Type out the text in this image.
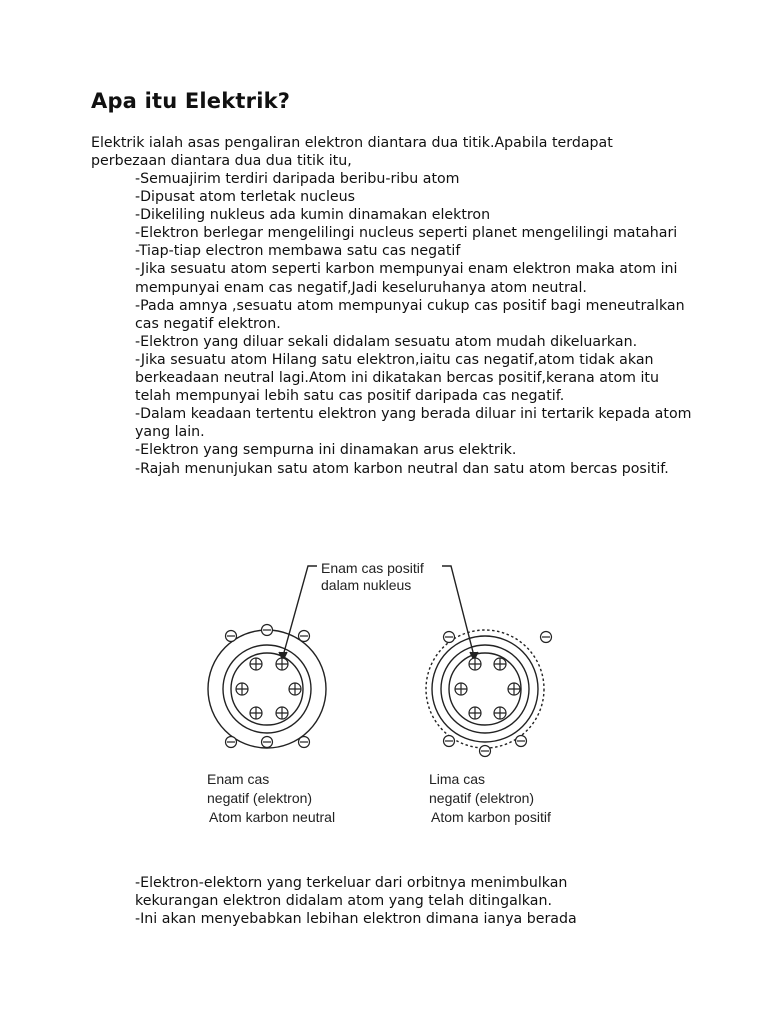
Apa itu Elektrik?

Elektrik ialah asas pengaliran elektron diantara dua titik.Apabila terdapat perbezaan diantara dua dua titik itu,

-Semuajirim terdiri daripada beribu-ribu atom
-Dipusat atom terletak nucleus
-Dikeliling nukleus ada kumin dinamakan elektron
-Elektron berlegar mengelilingi nucleus seperti planet mengelilingi matahari
-Tiap-tiap electron membawa satu cas negatif
-Jika sesuatu atom seperti karbon mempunyai enam elektron maka atom ini mempunyai enam cas negatif,Jadi keseluruhanya atom neutral.
-Pada amnya ,sesuatu atom mempunyai cukup cas positif bagi meneutralkan cas negatif elektron.
-Elektron yang diluar sekali didalam sesuatu atom mudah dikeluarkan.
-Jika sesuatu atom Hilang satu elektron,iaitu cas negatif,atom tidak akan berkeadaan neutral lagi.Atom ini dikatakan bercas positif,kerana atom itu telah mempunyai lebih satu cas positif daripada cas negatif.
-Dalam keadaan tertentu elektron yang berada diluar ini tertarik kepada atom yang lain.
-Elektron yang sempurna ini dinamakan arus elektrik.
-Rajah menunjukan satu atom karbon neutral dan satu atom bercas positif.
Enam cas positif
dalam nukleus
Enam cas
negatif (elektron)
Atom karbon neutral
Lima cas
negatif (elektron)
Atom karbon positif
-Elektron-elektorn yang terkeluar dari orbitnya menimbulkan kekurangan elektron didalam atom yang telah ditingalkan.
-Ini akan menyebabkan lebihan elektron dimana ianya berada
